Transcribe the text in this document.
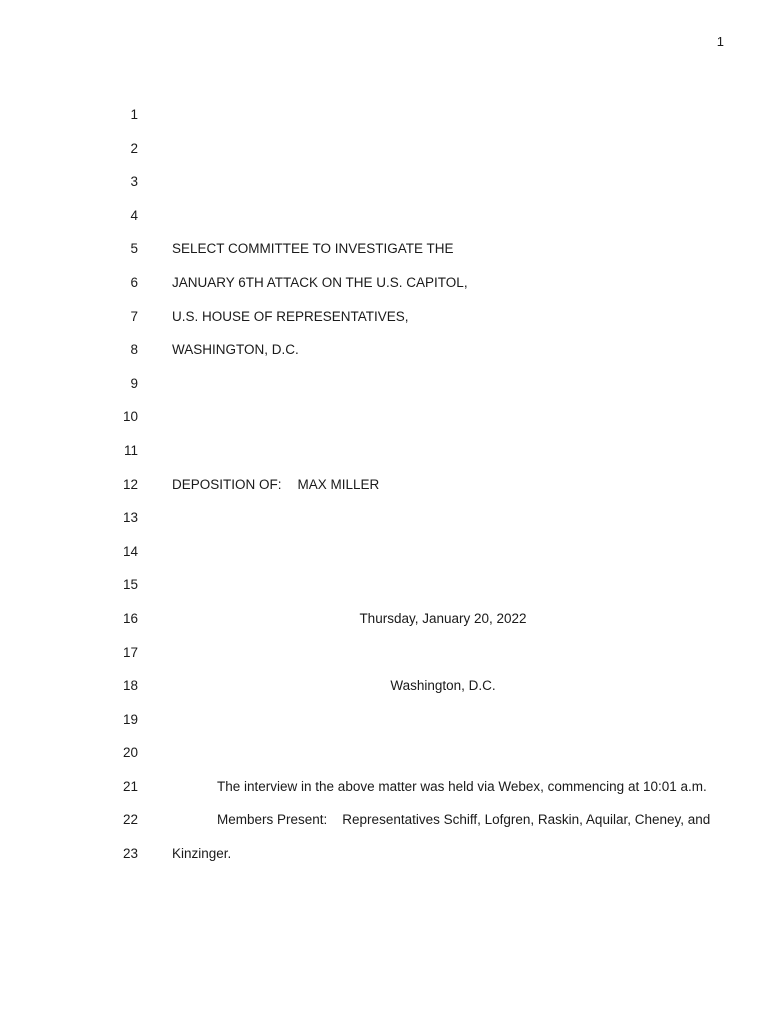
1
1
2
3
4
5	SELECT COMMITTEE TO INVESTIGATE THE
6	JANUARY 6TH ATTACK ON THE U.S. CAPITOL,
7	U.S. HOUSE OF REPRESENTATIVES,
8	WASHINGTON, D.C.
9
10
11
12	DEPOSITION OF: MAX MILLER
13
14
15
16	Thursday, January 20, 2022
17
18	Washington, D.C.
19
20
21	The interview in the above matter was held via Webex, commencing at 10:01 a.m.
22	Members Present: Representatives Schiff, Lofgren, Raskin, Aquilar, Cheney, and
23	Kinzinger.
